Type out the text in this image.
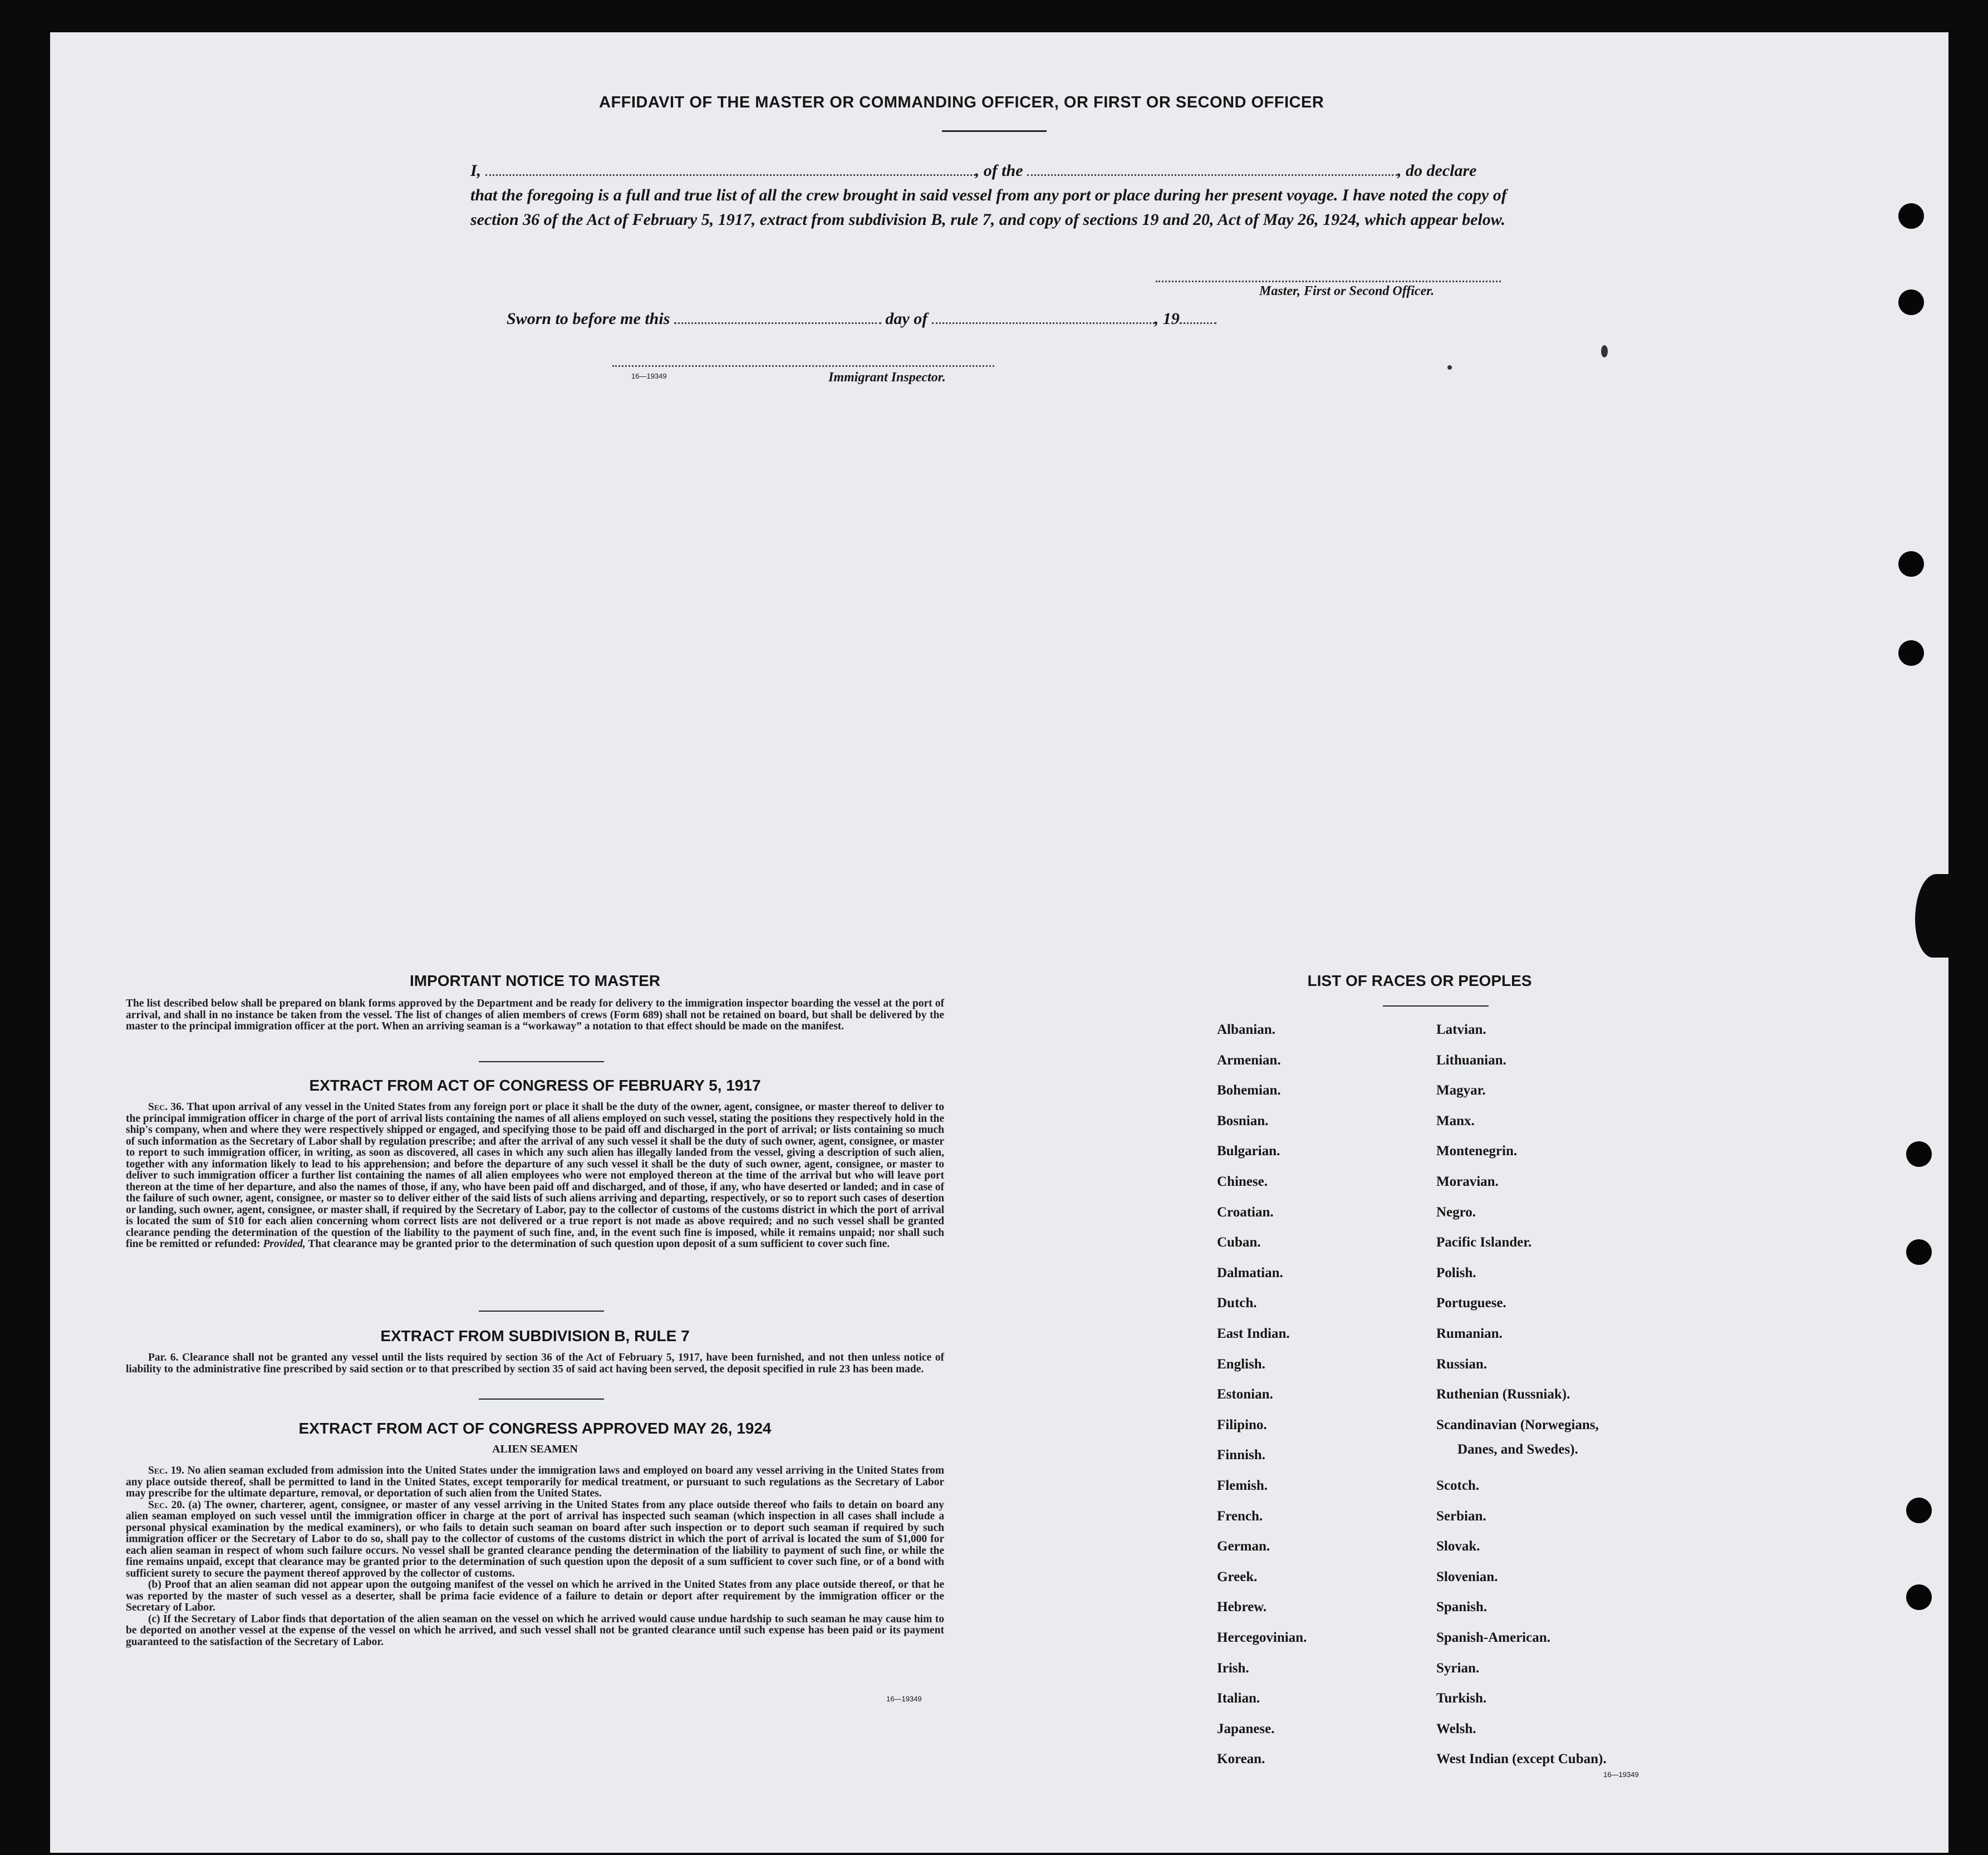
AFFIDAVIT OF THE MASTER OR COMMANDING OFFICER, OR FIRST OR SECOND OFFICER
I,	, of the	, do declare
that the foregoing is a full and true list of all the crew brought in said vessel from any port or place during her present voyage. I have noted the copy of section 36 of the Act of February 5, 1917, extract from subdivision B, rule 7, and copy of sections 19 and 20, Act of May 26, 1924, which appear below.
Master, First or Second Officer.
Sworn to before me this	day of	, 19
16—19349	Immigrant Inspector.
IMPORTANT NOTICE TO MASTER
The list described below shall be prepared on blank forms approved by the Department and be ready for delivery to the immigration inspector boarding the vessel at the port of arrival, and shall in no instance be taken from the vessel. The list of changes of alien members of crews (Form 689) shall not be retained on board, but shall be delivered by the master to the principal immigration officer at the port. When an arriving seaman is a “workaway” a notation to that effect should be made on the manifest.
EXTRACT FROM ACT OF CONGRESS OF FEBRUARY 5, 1917
Sec. 36. That upon arrival of any vessel in the United States from any foreign port or place it shall be the duty of the owner, agent, consignee, or master thereof to deliver to the principal immigration officer in charge of the port of arrival lists containing the names of all aliens employed on such vessel, stating the positions they respectively hold in the ship's company, when and where they were respectively shipped or engaged, and specifying those to be paid off and discharged in the port of arrival; or lists containing so much of such information as the Secretary of Labor shall by regulation prescribe; and after the arrival of any such vessel it shall be the duty of such owner, agent, consignee, or master to report to such immigration officer, in writing, as soon as discovered, all cases in which any such alien has illegally landed from the vessel, giving a description of such alien, together with any information likely to lead to his apprehension; and before the departure of any such vessel it shall be the duty of such owner, agent, consignee, or master to deliver to such immigration officer a further list containing the names of all alien employees who were not employed thereon at the time of the arrival but who will leave port thereon at the time of her departure, and also the names of those, if any, who have been paid off and discharged, and of those, if any, who have deserted or landed; and in case of the failure of such owner, agent, consignee, or master so to deliver either of the said lists of such aliens arriving and departing, respectively, or so to report such cases of desertion or landing, such owner, agent, consignee, or master shall, if required by the Secretary of Labor, pay to the collector of customs of the customs district in which the port of arrival is located the sum of $10 for each alien concerning whom correct lists are not delivered or a true report is not made as above required; and no such vessel shall be granted clearance pending the determination of the question of the liability to the payment of such fine, and, in the event such fine is imposed, while it remains unpaid; nor shall such fine be remitted or refunded: Provided, That clearance may be granted prior to the determination of such question upon deposit of a sum sufficient to cover such fine.
EXTRACT FROM SUBDIVISION B, RULE 7
Par. 6. Clearance shall not be granted any vessel until the lists required by section 36 of the Act of February 5, 1917, have been furnished, and not then unless notice of liability to the administrative fine prescribed by said section or to that prescribed by section 35 of said act having been served, the deposit specified in rule 23 has been made.
EXTRACT FROM ACT OF CONGRESS APPROVED MAY 26, 1924
ALIEN SEAMEN
Sec. 19. No alien seaman excluded from admission into the United States under the immigration laws and employed on board any vessel arriving in the United States from any place outside thereof, shall be permitted to land in the United States, except temporarily for medical treatment, or pursuant to such regulations as the Secretary of Labor may prescribe for the ultimate departure, removal, or deportation of such alien from the United States.
Sec. 20. (a) The owner, charterer, agent, consignee, or master of any vessel arriving in the United States from any place outside thereof who fails to detain on board any alien seaman employed on such vessel until the immigration officer in charge at the port of arrival has inspected such seaman (which inspection in all cases shall include a personal physical examination by the medical examiners), or who fails to detain such seaman on board after such inspection or to deport such seaman if required by such immigration officer or the Secretary of Labor to do so, shall pay to the collector of customs of the customs district in which the port of arrival is located the sum of $1,000 for each alien seaman in respect of whom such failure occurs. No vessel shall be granted clearance pending the determination of the liability to payment of such fine, or while the fine remains unpaid, except that clearance may be granted prior to the determination of such question upon the deposit of a sum sufficient to cover such fine, or of a bond with sufficient surety to secure the payment thereof approved by the collector of customs.
(b) Proof that an alien seaman did not appear upon the outgoing manifest of the vessel on which he arrived in the United States from any place outside thereof, or that he was reported by the master of such vessel as a deserter, shall be prima facie evidence of a failure to detain or deport after requirement by the immigration officer or the Secretary of Labor.
(c) If the Secretary of Labor finds that deportation of the alien seaman on the vessel on which he arrived would cause undue hardship to such seaman he may cause him to be deported on another vessel at the expense of the vessel on which he arrived, and such vessel shall not be granted clearance until such expense has been paid or its payment guaranteed to the satisfaction of the Secretary of Labor.
16—19349
LIST OF RACES OR PEOPLES
Albanian.
Armenian.
Bohemian.
Bosnian.
Bulgarian.
Chinese.
Croatian.
Cuban.
Dalmatian.
Dutch.
East Indian.
English.
Estonian.
Filipino.
Finnish.
Flemish.
French.
German.
Greek.
Hebrew.
Hercegovinian.
Irish.
Italian.
Japanese.
Korean.
Latvian.
Lithuanian.
Magyar.
Manx.
Montenegrin.
Moravian.
Negro.
Pacific Islander.
Polish.
Portuguese.
Rumanian.
Russian.
Ruthenian (Russniak).
Scandinavian (Norwegians,
Scotch.
Serbian.
Slovak.
Slovenian.
Spanish.
Spanish-American.
Syrian.
Turkish.
Welsh.
West Indian (except Cuban).
Danes, and Swedes).
16—19349
